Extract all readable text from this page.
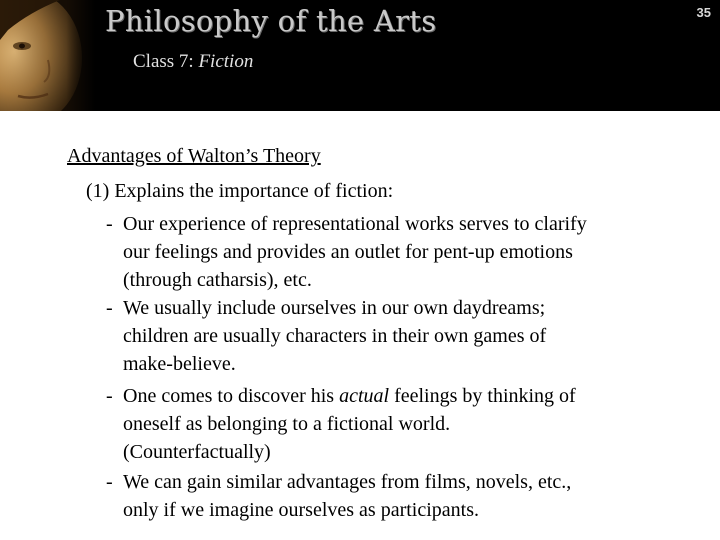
Philosophy of the Arts
Class 7: Fiction
35
Advantages of Walton’s Theory
(1) Explains the importance of fiction:
- Our experience of representational works serves to clarify
our feelings and provides an outlet for pent-up emotions
(through catharsis), etc.
- We usually include ourselves in our own daydreams;
children are usually characters in their own games of
make-believe.
- One comes to discover his actual feelings by thinking of
oneself as belonging to a fictional world.
(Counterfactually)
- We can gain similar advantages from films, novels, etc.,
only if we imagine ourselves as participants.
